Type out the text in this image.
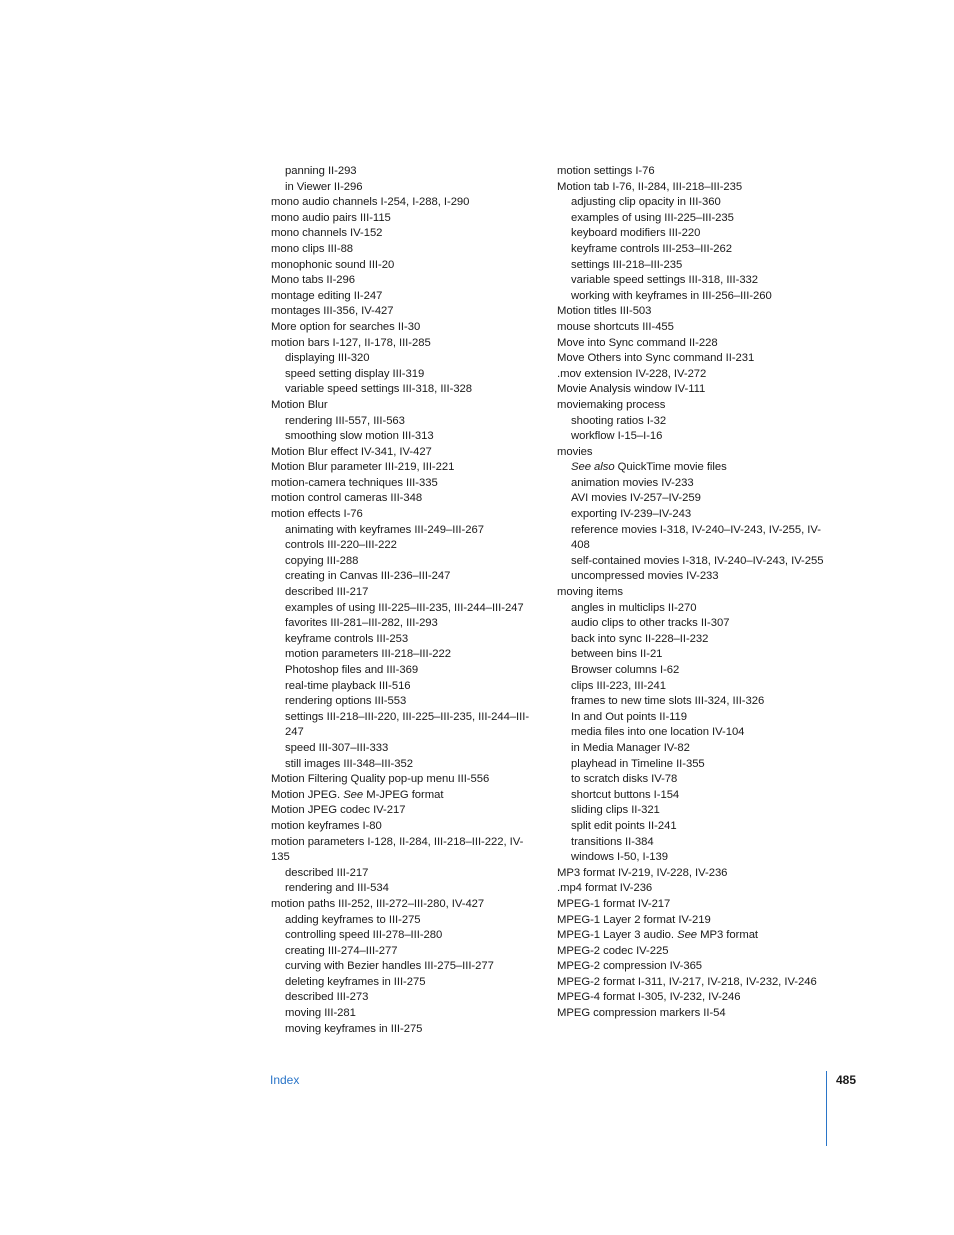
panning II-293
in Viewer II-296
mono audio channels I-254, I-288, I-290
mono audio pairs III-115
mono channels IV-152
mono clips III-88
monophonic sound III-20
Mono tabs II-296
montage editing II-247
montages III-356, IV-427
More option for searches II-30
motion bars I-127, II-178, III-285
displaying III-320
speed setting display III-319
variable speed settings III-318, III-328
Motion Blur
rendering III-557, III-563
smoothing slow motion III-313
Motion Blur effect IV-341, IV-427
Motion Blur parameter III-219, III-221
motion-camera techniques III-335
motion control cameras III-348
motion effects I-76
animating with keyframes III-249–III-267
controls III-220–III-222
copying III-288
creating in Canvas III-236–III-247
described III-217
examples of using III-225–III-235, III-244–III-247
favorites III-281–III-282, III-293
keyframe controls III-253
motion parameters III-218–III-222
Photoshop files and III-369
real-time playback III-516
rendering options III-553
settings III-218–III-220, III-225–III-235, III-244–III-247
speed III-307–III-333
still images III-348–III-352
Motion Filtering Quality pop-up menu III-556
Motion JPEG. See M-JPEG format
Motion JPEG codec IV-217
motion keyframes I-80
motion parameters I-128, II-284, III-218–III-222, IV-135
described III-217
rendering and III-534
motion paths III-252, III-272–III-280, IV-427
adding keyframes to III-275
controlling speed III-278–III-280
creating III-274–III-277
curving with Bezier handles III-275–III-277
deleting keyframes in III-275
described III-273
moving III-281
moving keyframes in III-275
motion settings I-76
Motion tab I-76, II-284, III-218–III-235
adjusting clip opacity in III-360
examples of using III-225–III-235
keyboard modifiers III-220
keyframe controls III-253–III-262
settings III-218–III-235
variable speed settings III-318, III-332
working with keyframes in III-256–III-260
Motion titles III-503
mouse shortcuts III-455
Move into Sync command II-228
Move Others into Sync command II-231
.mov extension IV-228, IV-272
Movie Analysis window IV-111
moviemaking process
shooting ratios I-32
workflow I-15–I-16
movies
See also QuickTime movie files
animation movies IV-233
AVI movies IV-257–IV-259
exporting IV-239–IV-243
reference movies I-318, IV-240–IV-243, IV-255, IV-408
self-contained movies I-318, IV-240–IV-243, IV-255
uncompressed movies IV-233
moving items
angles in multiclips II-270
audio clips to other tracks II-307
back into sync II-228–II-232
between bins II-21
Browser columns I-62
clips III-223, III-241
frames to new time slots III-324, III-326
In and Out points II-119
media files into one location IV-104
in Media Manager IV-82
playhead in Timeline II-355
to scratch disks IV-78
shortcut buttons I-154
sliding clips II-321
split edit points II-241
transitions II-384
windows I-50, I-139
MP3 format IV-219, IV-228, IV-236
.mp4 format IV-236
MPEG-1 format IV-217
MPEG-1 Layer 2 format IV-219
MPEG-1 Layer 3 audio. See MP3 format
MPEG-2 codec IV-225
MPEG-2 compression IV-365
MPEG-2 format I-311, IV-217, IV-218, IV-232, IV-246
MPEG-4 format I-305, IV-232, IV-246
MPEG compression markers II-54
Index	485
